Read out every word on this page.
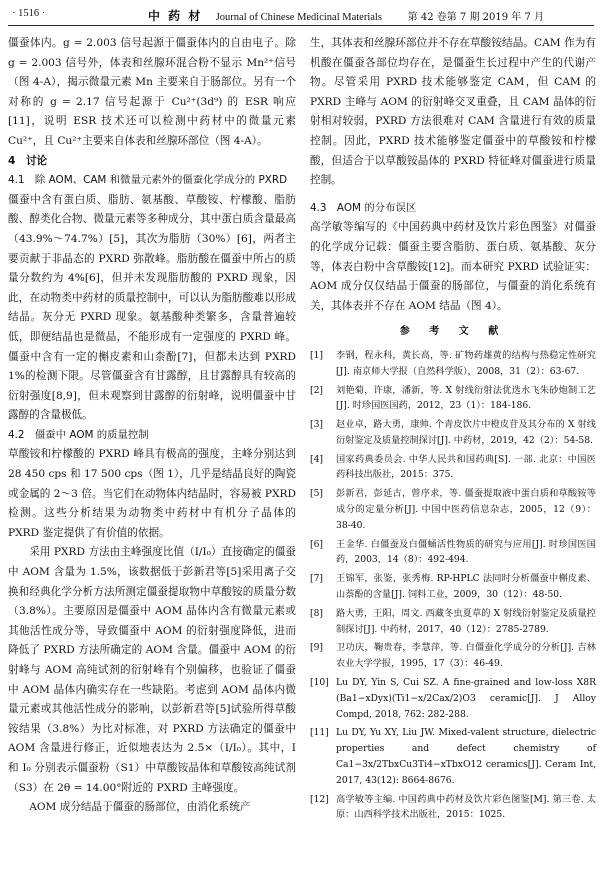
· 1516 ·	中 药 材 Journal of Chinese Medicinal Materials	第 42 卷第 7 期 2019 年 7 月

僵蚕体内。g = 2.003 信号起源于僵蚕体内的自由电子。除 g = 2.003 信号外，体表和丝腺环混合粉不显示 Mn²⁺信号（图 4-A），揭示微量元素 Mn 主要来自于肠部位。另有一个对称的 g = 2.17 信号起源于 Cu²⁺(3d⁹) 的 ESR 响应[11]，说明 ESR 技术还可以检测中药材中的微量元素 Cu²⁺，且 Cu²⁺主要来自体表和丝腺环部位（图 4-A）。

4　讨论

4.1　除 AOM、CAM 和微量元素外的僵蚕化学成分的 PXRD

僵蚕中含有蛋白质、脂肪、氨基酸、草酸铵、柠檬酸、脂肪酸、醇类化合物、微量元素等多种成分，其中蛋白质含量最高（43.9%～74.7%）[5]，其次为脂肪（30%）[6]，两者主要贡献于非晶态的 PXRD 弥散峰。脂肪酸在僵蚕中所占的质量分数约为 4%[6]，但并未发现脂肪酸的 PXRD 现象，因此，在动物类中药材的质量控制中，可以认为脂肪酸难以形成结晶。灰分无 PXRD 现象。氨基酸种类繁多，含量普遍较低，即便结晶也是微晶，不能形成有一定强度的 PXRD 峰。僵蚕中含有一定的槲皮素和山柰酚[7]，但都未达到 PXRD 1%的检测下限。尽管僵蚕含有甘露醇，且甘露醇具有较高的衍射强度[8,9]，但未观察到甘露醇的衍射峰，说明僵蚕中甘露醇的含量极低。

4.2　僵蚕中 AOM 的质量控制

草酸铵和柠檬酸的 PXRD 峰具有极高的强度，主峰分别达到 28 450 cps 和 17 500 cps（图 1），几乎是结晶良好的陶瓷或金属的 2～3 倍。当它们在动物体内结晶时，容易被 PXRD 检测。这些分析结果为动物类中药材中有机分子晶体的 PXRD 鉴定提供了有价值的依据。

采用 PXRD 方法由主峰强度比值（I/I₀）直接确定的僵蚕中 AOM 含量为 1.5%，该数据低于彭新君等[5]采用离子交换和经典化学分析方法所测定僵蚕提取物中草酸铵的质量分数（3.8%）。主要原因是僵蚕中 AOM 晶体内含有微量元素或其他活性成分等，导致僵蚕中 AOM 的衍射强度降低，进而降低了 PXRD 方法所确定的 AOM 含量。僵蚕中 AOM 的衍射峰与 AOM 高纯试剂的衍射峰有个别偏移，也验证了僵蚕中 AOM 晶体内确实存在一些缺陷。考虑到 AOM 晶体内微量元素或其他活性成分的影响，以彭新君等[5]试验所得草酸铵结果（3.8%）为比对标准，对 PXRD 方法确定的僵蚕中 AOM 含量进行修正，近似地表达为 2.5×（I/I₀）。其中，I 和 I₀ 分别表示僵蚕粉（S1）中草酸铵晶体和草酸铵高纯试剂（S3）在 2θ = 14.00°附近的 PXRD 主峰强度。

AOM 成分结晶于僵蚕的肠部位，由消化系统产

生，其体表和丝腺环部位并不存在草酸铵结晶。CAM 作为有机酸在僵蚕各部位均存在，是僵蚕生长过程中产生的代谢产物。尽管采用 PXRD 技术能够鉴定 CAM，但 CAM 的 PXRD 主峰与 AOM 的衍射峰交叉重叠，且 CAM 晶体的衍射相对较弱，PXRD 方法很难对 CAM 含量进行有效的质量控制。因此，PXRD 技术能够鉴定僵蚕中的草酸铵和柠檬酸，但适合于以草酸铵晶体的 PXRD 特征峰对僵蚕进行质量控制。

4.3　AOM 的分布误区

高学敏等编写的《中国药典中药材及饮片彩色图鉴》对僵蚕的化学成分记载：僵蚕主要含脂肪、蛋白质、氨基酸、灰分等，体表白粉中含草酸铵[12]。而本研究 PXRD 试验证实：AOM 成分仅仅结晶于僵蚕的肠部位，与僵蚕的消化系统有关，其体表并不存在 AOM 结晶（图 4）。

参 考 文 献

[1]	李钢，程永科，黄长高，等. 矿物药雄黄的结构与热稳定性研究[J]. 南京师大学报（自然科学版），2008，31（2）：63-67.
[2]	刘艳菊，许康，潘新，等. X 射线衍射法优选水飞朱砂炮制工艺[J]. 时珍国医国药，2012，23（1）：184-186.
[3]	赵业卓，路大勇，康帅. 个青皮饮片中橙皮苷及其分布的 X 射线衍射鉴定及质量控制探讨[J]. 中药材，2019，42（2）：54-58.
[4]	国家药典委员会. 中华人民共和国药典[S]. 一部. 北京：中国医药科技出版社，2015：375.
[5]	彭新君，彭延古，曾序求，等. 僵蚕提取液中蛋白质和草酸铵等成分的定量分析[J]. 中国中医药信息杂志，2005，12（9）：38-40.
[6]	王金华. 白僵蚕及白僵蛹活性物质的研究与应用[J]. 时珍国医国药，2003，14（8）：492-494.
[7]	王锦军，张鉴，张秀梅. RP-HPLC 法同时分析僵蚕中槲皮素、山萘酚的含量[J]. 饲料工业，2009，30（12）：48-50.
[8]	路大勇，王阳，周文. 西藏冬虫夏草的 X 射线衍射鉴定及质量控制探讨[J]. 中药材，2017，40（12）：2785-2789.
[9]	卫功庆，鞠贵春，李慧萍，等. 白僵蚕化学成分的分析[J]. 吉林农业大学学报，1995，17（3）：46-49.
[10] Lu DY, Yin S, Cui SZ. A fine-grained and low-loss X8R (Ba1−xDyx)(Ti1−x/2Cax/2)O3 ceramic[J]. J Alloy Compd, 2018, 762: 282-288.
[11] Lu DY, Yu XY, Liu JW. Mixed-valent structure, dielectric properties and defect chemistry of Ca1−3x/2TbxCu3Ti4−xTbxO12 ceramics[J]. Ceram Int, 2017, 43(12): 8664-8676.
[12] 高学敏等主编. 中国药典中药材及饮片彩色图鉴[M]. 第三卷. 太原：山西科学技术出版社，2015：1025.
